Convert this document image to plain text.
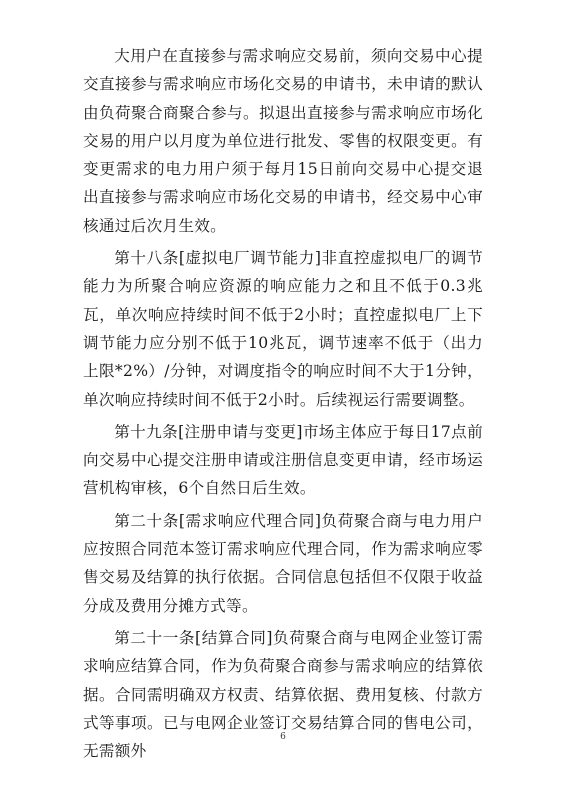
大用户在直接参与需求响应交易前，须向交易中心提交直接参与需求响应市场化交易的申请书，未申请的默认由负荷聚合商聚合参与。拟退出直接参与需求响应市场化交易的用户以月度为单位进行批发、零售的权限变更。有变更需求的电力用户须于每月15日前向交易中心提交退出直接参与需求响应市场化交易的申请书，经交易中心审核通过后次月生效。

第十八条[虚拟电厂调节能力]非直控虚拟电厂的调节能力为所聚合响应资源的响应能力之和且不低于0.3兆瓦，单次响应持续时间不低于2小时；直控虚拟电厂上下调节能力应分别不低于10兆瓦，调节速率不低于（出力上限*2%）/分钟，对调度指令的响应时间不大于1分钟，单次响应持续时间不低于2小时。后续视运行需要调整。

第十九条[注册申请与变更]市场主体应于每日17点前向交易中心提交注册申请或注册信息变更申请，经市场运营机构审核，6个自然日后生效。

第二十条[需求响应代理合同]负荷聚合商与电力用户应按照合同范本签订需求响应代理合同，作为需求响应零售交易及结算的执行依据。合同信息包括但不仅限于收益分成及费用分摊方式等。

第二十一条[结算合同]负荷聚合商与电网企业签订需求响应结算合同，作为负荷聚合商参与需求响应的结算依据。合同需明确双方权责、结算依据、费用复核、付款方式等事项。已与电网企业签订交易结算合同的售电公司，无需额外

6
